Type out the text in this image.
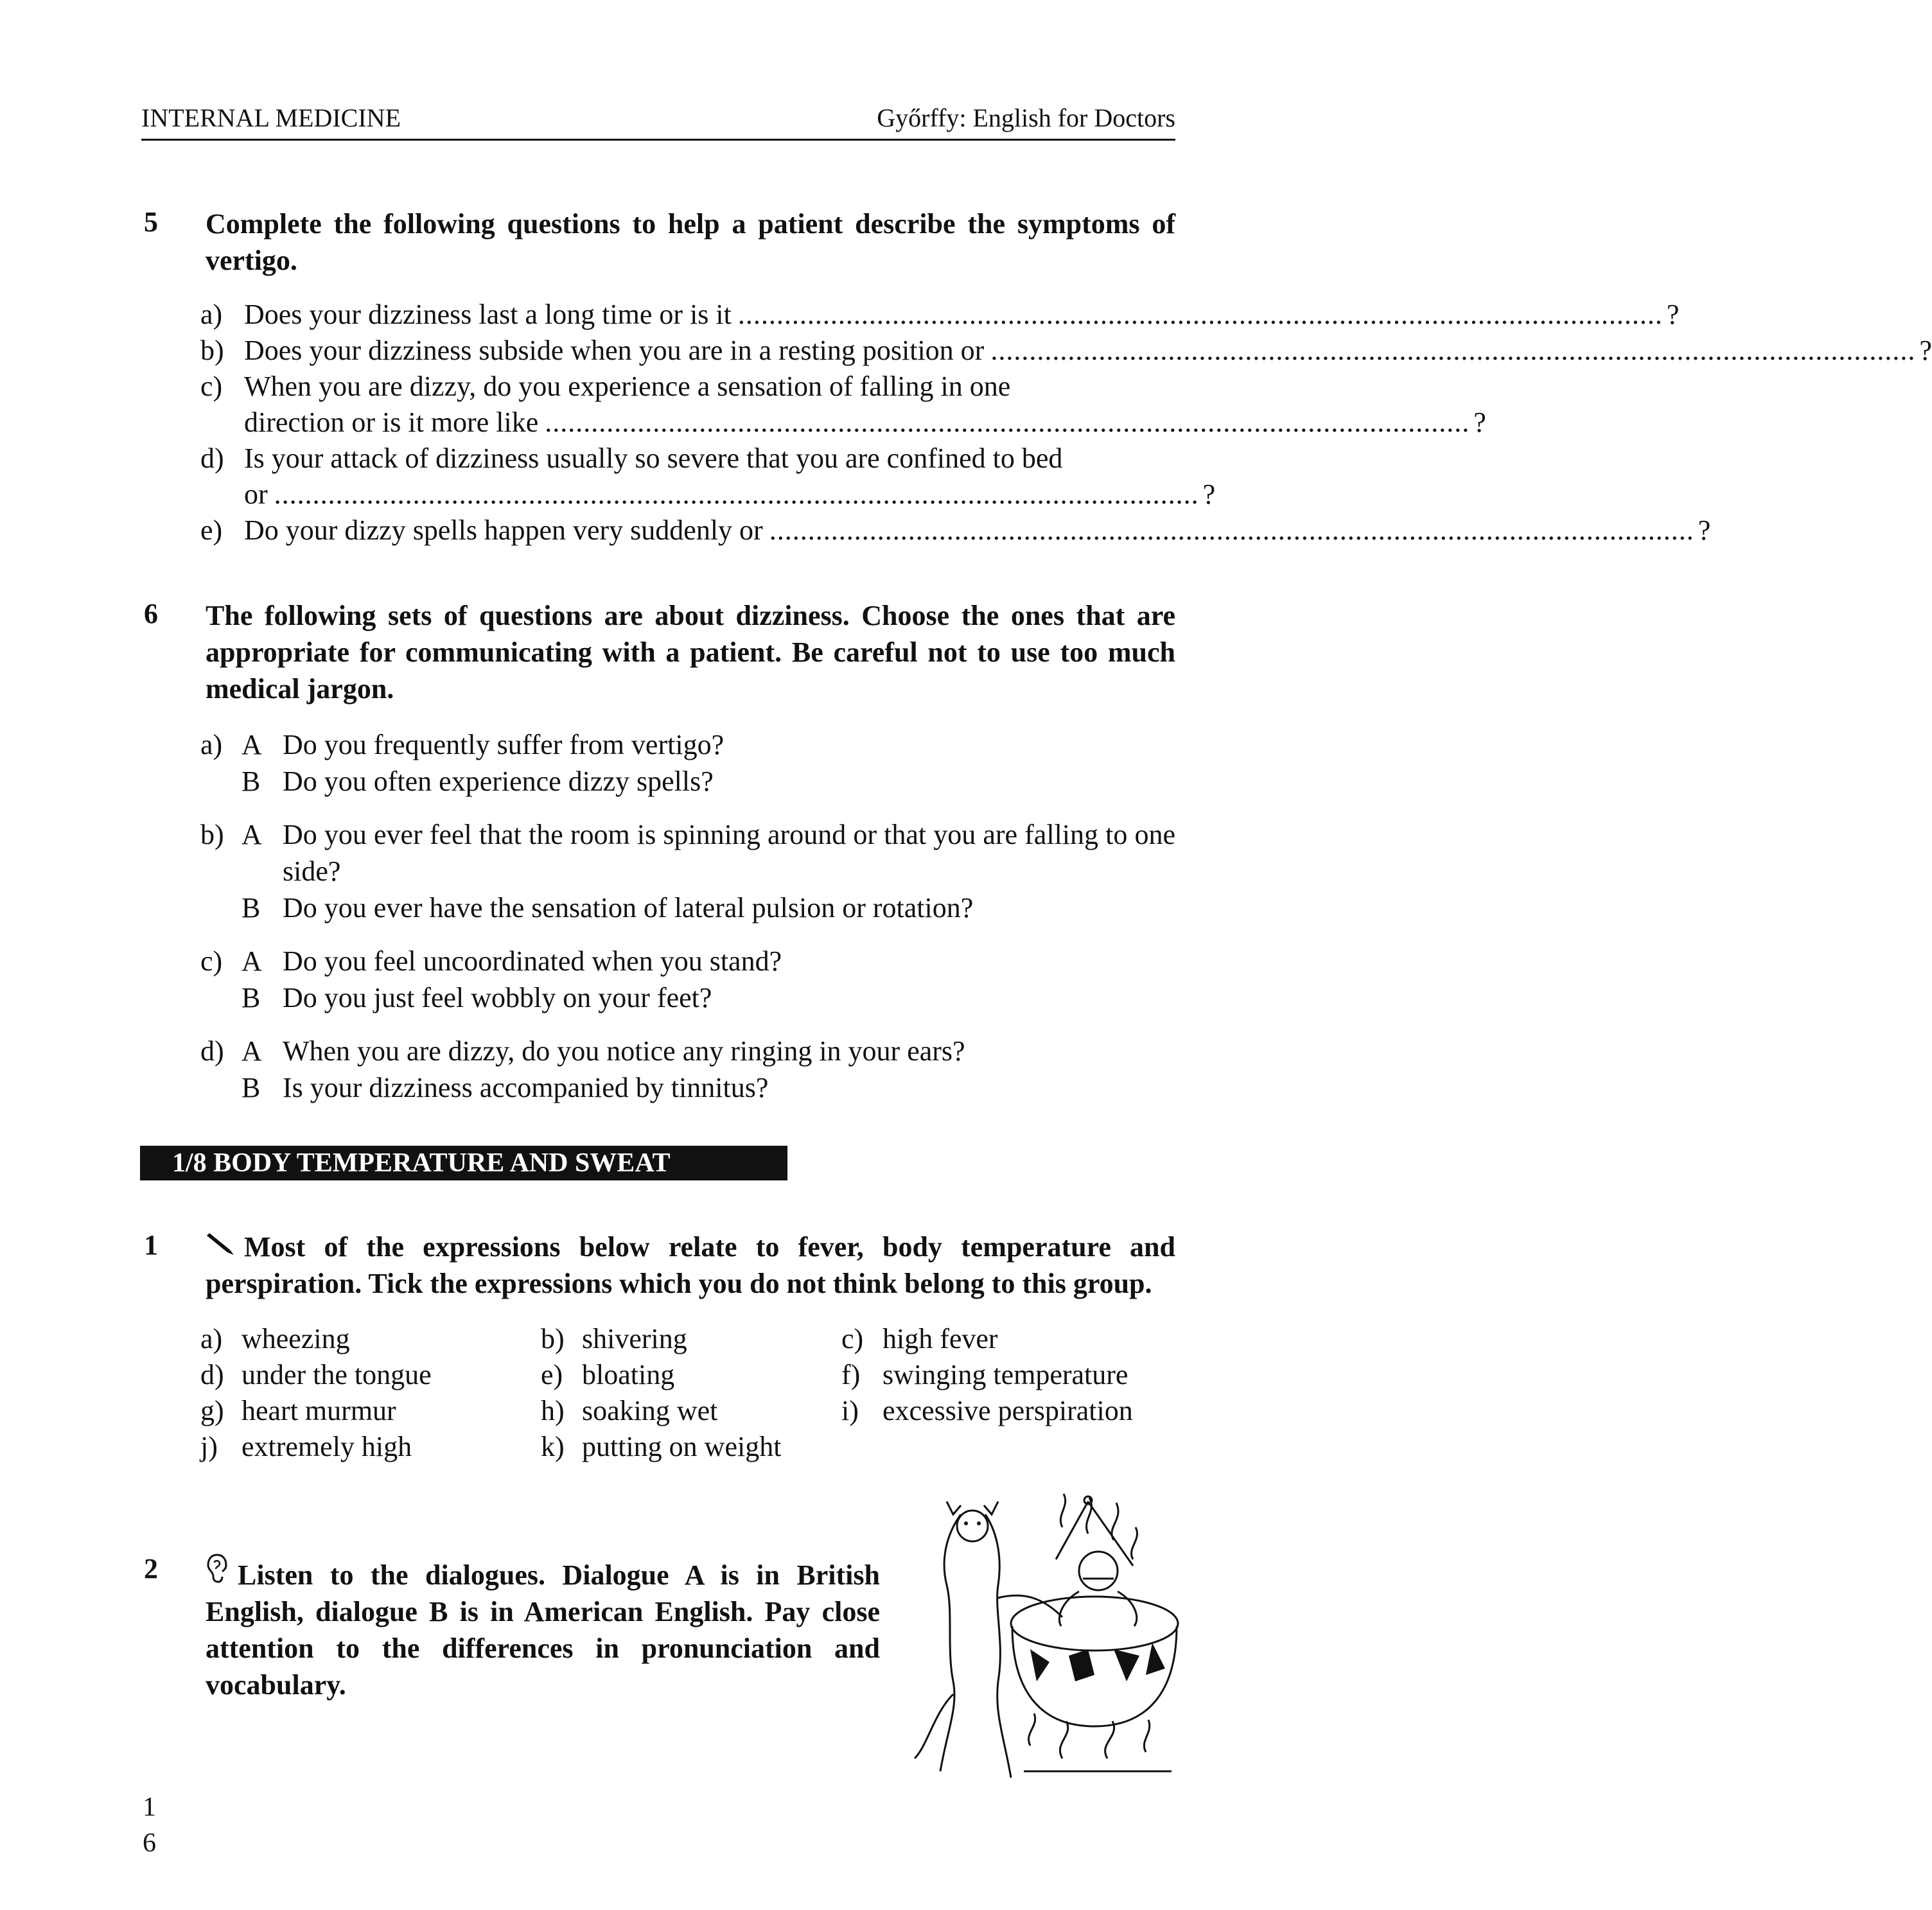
INTERNAL MEDICINE	Győrffy: English for Doctors
5 Complete the following questions to help a patient describe the symptoms of vertigo.
a) Does your dizziness last a long time or is it ........................................................................................................................ ?
b) Does your dizziness subside when you are in a resting position or ........................................................................................................................ ?
c) When you are dizzy, do you experience a sensation of falling in one
direction or is it more like ........................................................................................................................ ?
d) Is your attack of dizziness usually so severe that you are confined to bed
or ........................................................................................................................ ?
e) Do your dizzy spells happen very suddenly or ........................................................................................................................ ?
6 The following sets of questions are about dizziness. Choose the ones that are appropriate for communicating with a patient. Be careful not to use too much medical jargon.
a) A Do you frequently suffer from vertigo?
B Do you often experience dizzy spells?
b) A Do you ever feel that the room is spinning around or that you are falling to one side?
B Do you ever have the sensation of lateral pulsion or rotation?
c) A Do you feel uncoordinated when you stand?
B Do you just feel wobbly on your feet?
d) A When you are dizzy, do you notice any ringing in your ears?
B Is your dizziness accompanied by tinnitus?
1/8 BODY TEMPERATURE AND SWEAT
1	Most of the expressions below relate to fever, body temperature and perspiration. Tick the expressions which you do not think belong to this group.
a) wheezing	b) shivering	c) high fever
d) under the tongue	e) bloating	f) swinging temperature
g) heart murmur	h) soaking wet	i) excessive perspiration
j) extremely high	k) putting on weight
2	Listen to the dialogues. Dialogue A is in British English, dialogue B is in American English. Pay close attention to the differences in pronunciation and vocabulary.
1
6
